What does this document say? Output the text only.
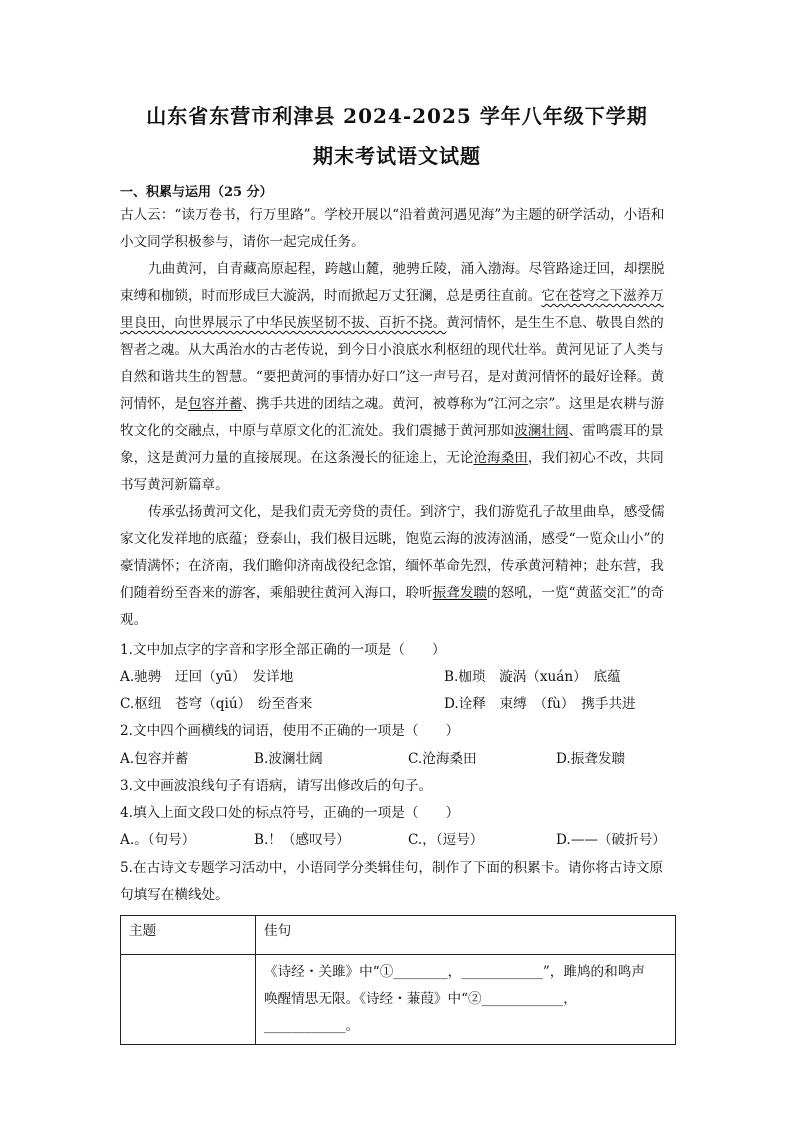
山东省东营市利津县 2024-2025 学年八年级下学期
期末考试语文试题
一、积累与运用（25 分）
古人云：“读万卷书，行万里路”。学校开展以“沿着黄河遇见海”为主题的研学活动，小语和小文同学积极参与，请你一起完成任务。
九曲黄河，自青藏高原起程，跨越山麓，驰骋丘陵，涌入渤海。尽管路途迂回，却摆脱束缚和枷锁，时而形成巨大漩涡，时而掀起万丈狂澜，总是勇往直前。它在苍穹之下滋养万里良田，向世界展示了中华民族坚韧不拔、百折不挠。黄河情怀，是生生不息、敬畏自然的智者之魂。从大禹治水的古老传说，到今日小浪底水利枢纽的现代壮举。黄河见证了人类与自然和谐共生的智慧。“要把黄河的事情办好口”这一声号召，是对黄河情怀的最好诠释。黄河情怀，是包容并蓄、携手共进的团结之魂。黄河，被尊称为“江河之宗”。这里是农耕与游牧文化的交融点，中原与草原文化的汇流处。我们震撼于黄河那如波澜壮阔、雷鸣震耳的景象，这是黄河力量的直接展现。在这条漫长的征途上，无论沧海桑田，我们初心不改，共同书写黄河新篇章。
传承弘扬黄河文化，是我们责无旁贷的责任。到济宁，我们游览孔子故里曲阜，感受儒家文化发祥地的底蕴；登泰山，我们极目远眺，饱览云海的波涛汹涌，感受“一览众山小”的豪情满怀；在济南，我们瞻仰济南战役纪念馆，缅怀革命先烈，传承黄河精神；赴东营，我们随着纷至沓来的游客，乘船驶往黄河入海口，聆听振聋发聩的怒吼，一览“黄蓝交汇”的奇观。
1.文中加点字的字音和字形全部正确的一项是（　　）
A.驰骋　迂回（yū）　发详地	B.枷琐　漩涡（xuán）　底蕴
C.枢纽　苍穹（qiú）　纷至沓来	D.诠释　束缚　（fù）　携手共进
2.文中四个画横线的词语，使用不正确的一项是（　　）
A.包容并蓄	B.波澜壮阔	C.沧海桑田	D.振聋发聩
3.文中画波浪线句子有语病，请写出修改后的句子。
4.填入上面文段口处的标点符号，正确的一项是（　　）
A.。（句号）	B.！（感叹号）	C.，（逗号）	D.——（破折号）
5.在古诗文专题学习活动中，小语同学分类辑佳句，制作了下面的积累卡。请你将古诗文原句填写在横线处。
主题	佳句

	《诗经・关雎》中“①________，____________”，雎鸠的和鸣声
唤醒情思无限。《诗经・蒹葭》中“②____________，____________。
